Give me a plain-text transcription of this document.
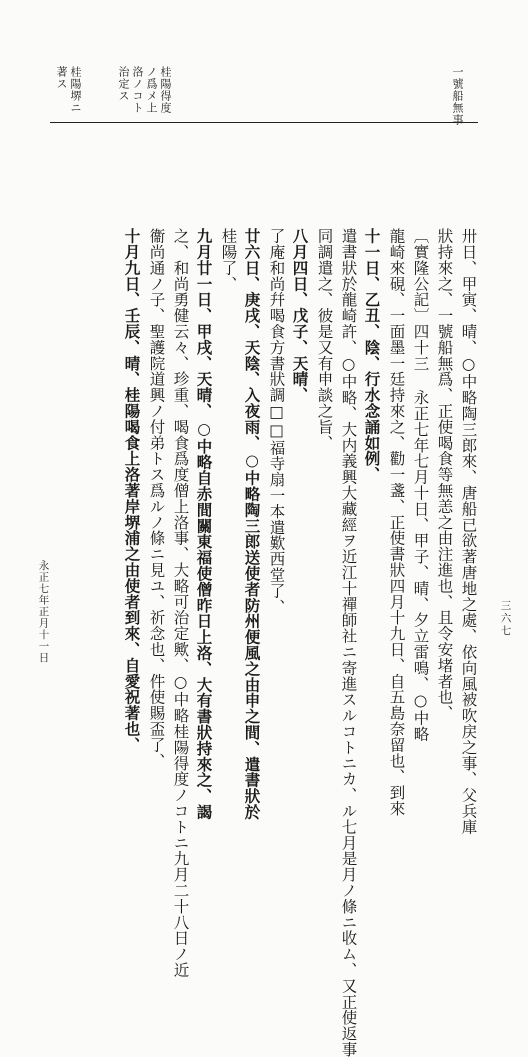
一號船無事
桂陽得度
ノ爲メ上
洛ノコト
治定ス
桂陽堺ニ
著ス
卅日、甲寅、晴、○中略陶三郎來、唐船已欲著唐地之處、依向風被吹戻之事、父兵庫
狀持來之、一號船無爲、正使喝食等無恙之由注進也、且令安堵者也、
〔實隆公記〕四十三 永正七年七月十日、甲子、晴、夕立雷鳴、○中略
龍崎來硯、一面墨一廷持來之、勸一盞、正使書狀四月十九日、自五島奈留也、到來
十一日、乙丑、陰、行水念誦如例、
遣書狀於龍崎許、○中略、大内義興大藏經ヲ近江十禪師社ニ寄進スルコトニカ、ル七月是月ノ條ニ收ム、又正使返事
同調遣之、彼是又有申談之旨、
八月四日、戊子、天晴、
了庵和尚幷喝食方書狀調□□福寺扇一本遣歎西堂了、
廿六日、庚戌、天陰、入夜雨、○中略陶三郎送使者防州便風之由申之間、遣書狀於
桂陽了、
九月廿一日、甲戌、天晴、○中略自赤間關東福使僧昨日上洛、大有書狀持來之、謁
之、和尚勇健云々、珍重、喝食爲度僧上洛事、大略可治定歟、○中略桂陽得度ノコトニ九月二十八日ノ近
衞尚通ノ子、聖護院道興ノ付弟トス爲ルノ條ニ見ユ、祈念也、件使賜盃了、
十月九日、壬辰、晴、桂陽喝食上洛著岸堺浦之由使者到來、自愛祝著也、
永正七年正月十一日	三六七
